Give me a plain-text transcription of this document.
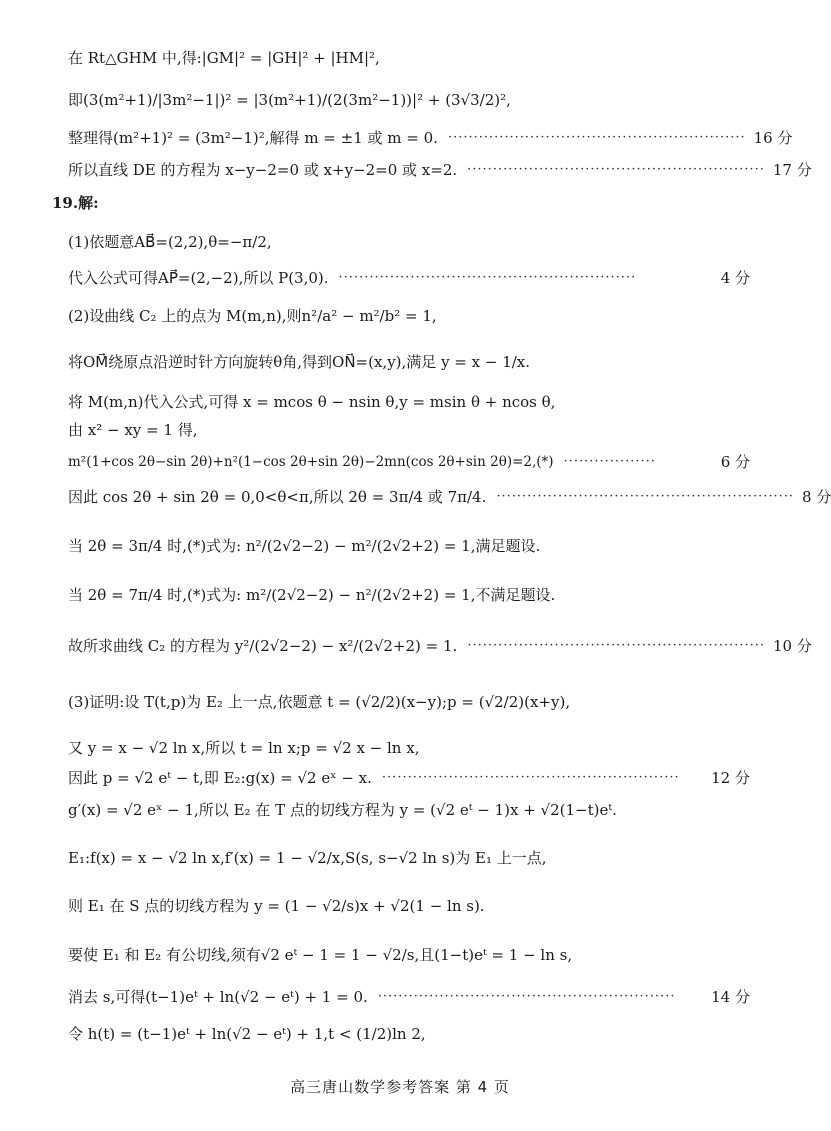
在 Rt△GHM 中,得:|GM|² = |GH|² + |HM|²,
即(3(m²+1)/|3m²−1|)² = |3(m²+1)/(2(3m²−1))|² + (3√3/2)²,
整理得(m²+1)² = (3m²−1)²,解得 m = ±1 或 m = 0. ·························································· 16 分
所以直线 DE 的方程为 x−y−2=0 或 x+y−2=0 或 x=2. ·························································· 17 分
19.解:
(1)依题意AB⃗=(2,2),θ=−π/2,
代入公式可得AP⃗=(2,−2),所以 P(3,0). ··························································	4 分
(2)设曲线 C₂ 上的点为 M(m,n),则n²/a² − m²/b² = 1,
将OM⃗绕原点沿逆时针方向旋转θ角,得到ON⃗=(x,y),满足 y = x − 1/x.
将 M(m,n)代入公式,可得 x = mcos θ − nsin θ,y = msin θ + ncos θ,
由 x² − xy = 1 得,
m²(1+cos 2θ−sin 2θ)+n²(1−cos 2θ+sin 2θ)−2mn(cos 2θ+sin 2θ)=2,(*) ··················	6 分
因此 cos 2θ + sin 2θ = 0,0<θ<π,所以 2θ = 3π/4 或 7π/4. ·························································· 8 分
当 2θ = 3π/4 时,(*)式为: n²/(2√2−2) − m²/(2√2+2) = 1,满足题设.
当 2θ = 7π/4 时,(*)式为: m²/(2√2−2) − n²/(2√2+2) = 1,不满足题设.
故所求曲线 C₂ 的方程为 y²/(2√2−2) − x²/(2√2+2) = 1. ·························································· 10 分
(3)证明:设 T(t,p)为 E₂ 上一点,依题意 t = (√2/2)(x−y);p = (√2/2)(x+y),
又 y = x − √2 ln x,所以 t = ln x;p = √2 x − ln x,
因此 p = √2 eᵗ − t,即 E₂:g(x) = √2 eˣ − x. ··························································	12 分
g′(x) = √2 eˣ − 1,所以 E₂ 在 T 点的切线方程为 y = (√2 eᵗ − 1)x + √2(1−t)eᵗ.
E₁:f(x) = x − √2 ln x,f′(x) = 1 − √2/x,S(s, s−√2 ln s)为 E₁ 上一点,
则 E₁ 在 S 点的切线方程为 y = (1 − √2/s)x + √2(1 − ln s).
要使 E₁ 和 E₂ 有公切线,须有√2 eᵗ − 1 = 1 − √2/s,且(1−t)eᵗ = 1 − ln s,
消去 s,可得(t−1)eᵗ + ln(√2 − eᵗ) + 1 = 0. ··························································	14 分
令 h(t) = (t−1)eᵗ + ln(√2 − eᵗ) + 1,t < (1/2)ln 2,
高三唐山数学参考答案 第 4 页
